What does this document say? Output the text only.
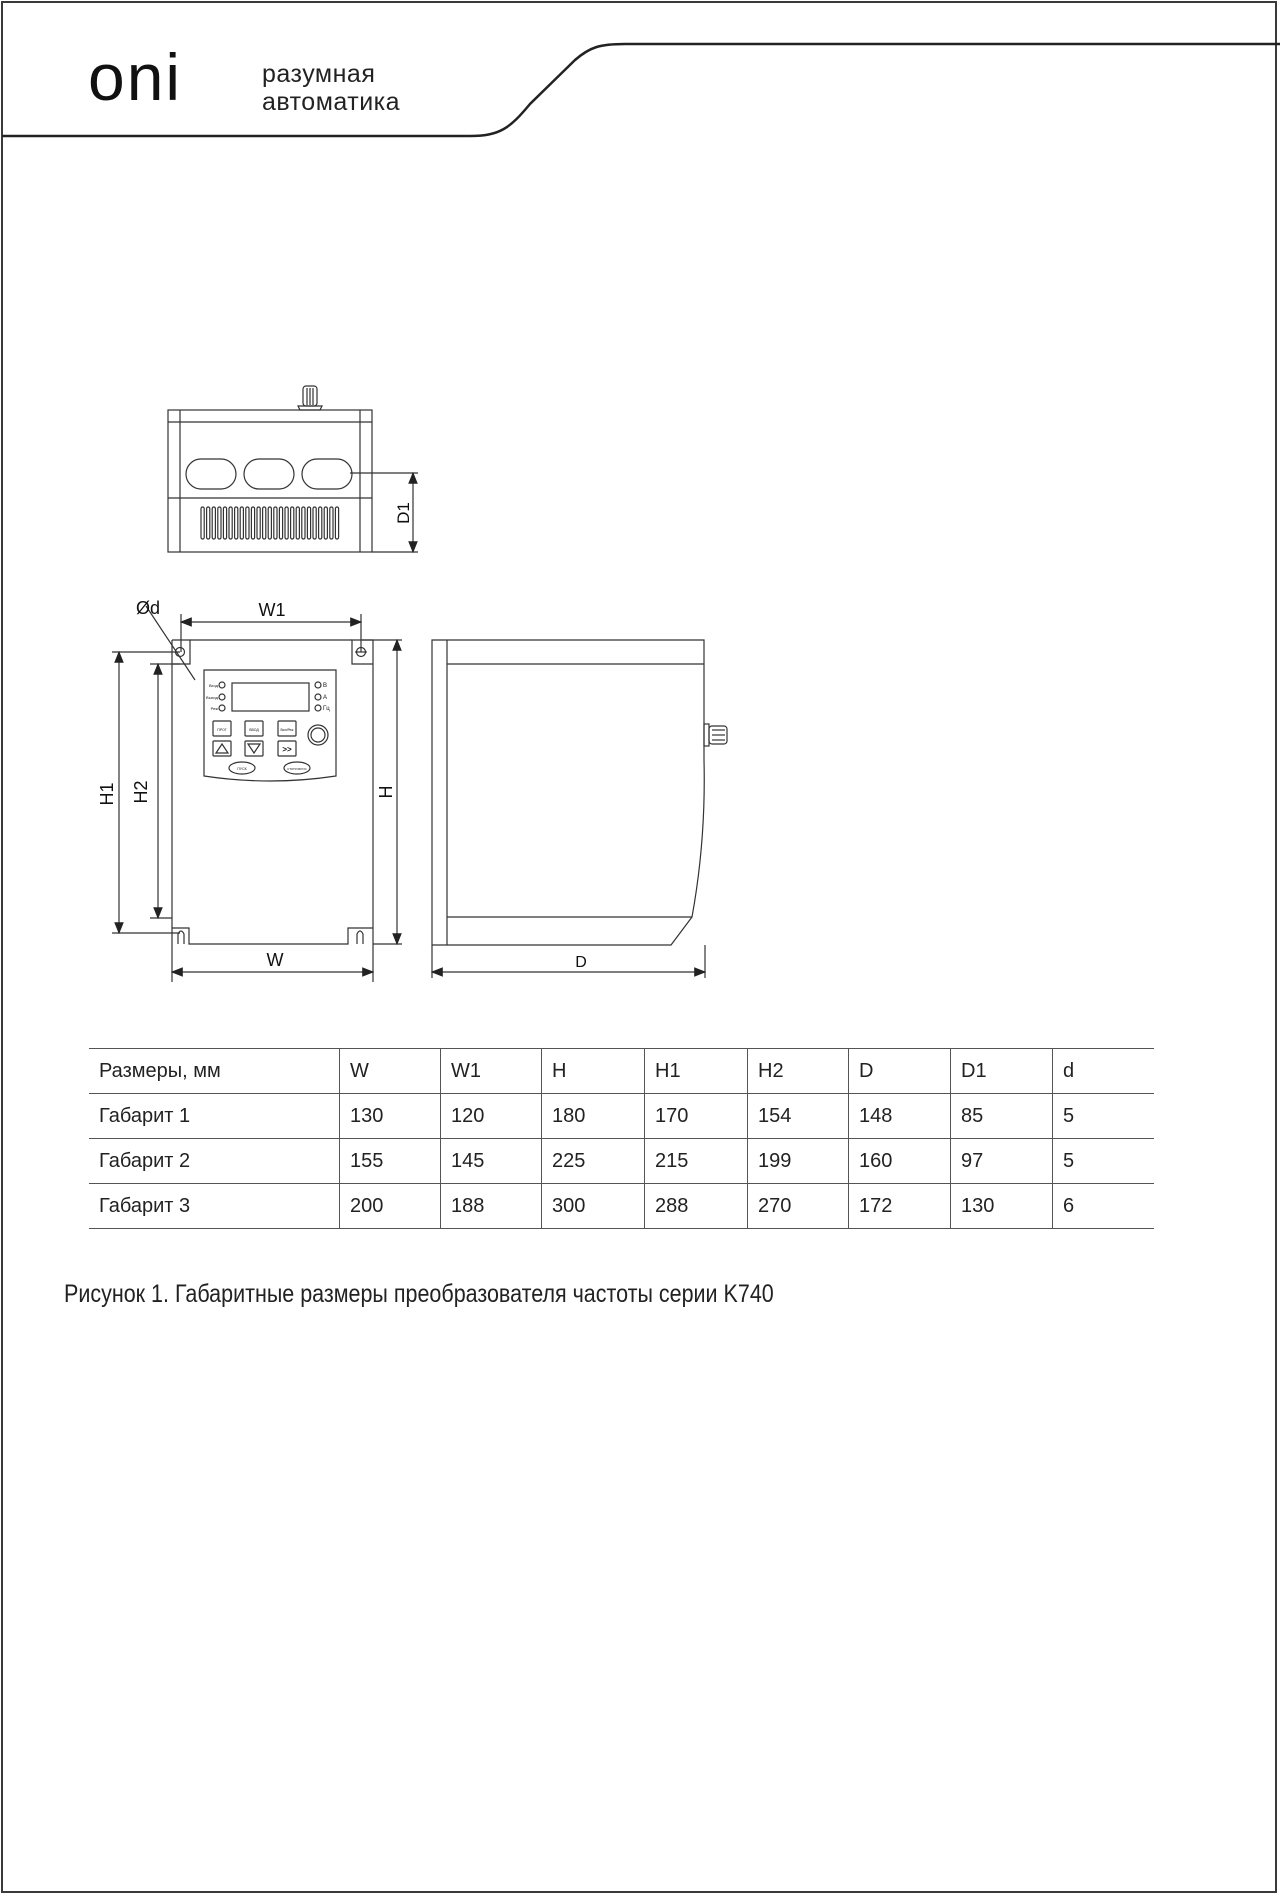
oni	разумная
автоматика
D1
Ød	W1
H1 H2	H
W
Вход
Выход
Реж
В
А
Гц
ПРОГ	ВВОД	Вып/Реж
>>
ПУСК	СТОП/СБРОС
D
Размеры, мм	W	W1	H	H1	H2	D	D1	d
Габарит 1	130	120	180	170	154	148	85	5
Габарит 2	155	145	225	215	199	160	97	5
Габарит 3	200	188	300	288	270	172	130	6
Рисунок 1. Габаритные размеры преобразователя частоты серии K740
